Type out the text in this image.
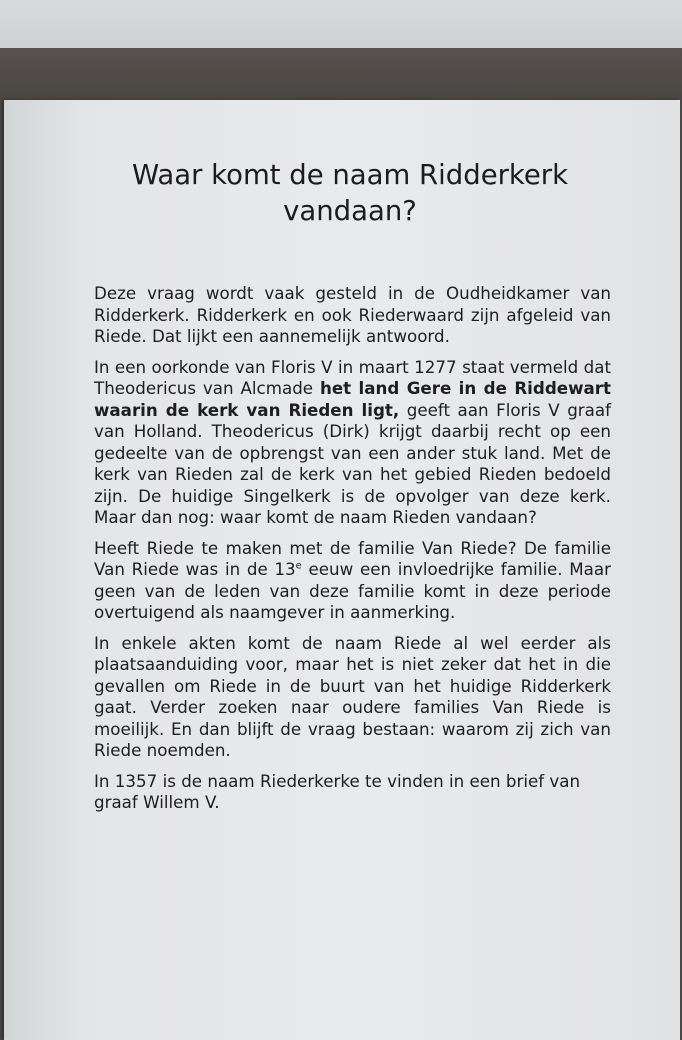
Waar komt de naam Ridderkerk
vandaan?

Deze vraag wordt vaak gesteld in de Oudheidkamer van Ridderkerk. Ridderkerk en ook Riederwaard zijn afgeleid van Riede. Dat lijkt een aannemelijk antwoord.

In een oorkonde van Floris V in maart 1277 staat vermeld dat Theodericus van Alcmade het land Gere in de Riddewart waarin de kerk van Rieden ligt, geeft aan Floris V graaf van Holland. Theodericus (Dirk) krijgt daarbij recht op een gedeelte van de opbrengst van een ander stuk land. Met de kerk van Rieden zal de kerk van het gebied Rieden bedoeld zijn. De huidige Singelkerk is de opvolger van deze kerk. Maar dan nog: waar komt de naam Rieden vandaan?

Heeft Riede te maken met de familie Van Riede? De familie Van Riede was in de 13e eeuw een invloedrijke familie. Maar geen van de leden van deze familie komt in deze periode overtuigend als naamgever in aanmerking.

In enkele akten komt de naam Riede al wel eerder als plaatsaanduiding voor, maar het is niet zeker dat het in die gevallen om Riede in de buurt van het huidige Ridderkerk gaat. Verder zoeken naar oudere families Van Riede is moeilijk. En dan blijft de vraag bestaan: waarom zij zich van Riede noemden.

In 1357 is de naam Riederkerke te vinden in een brief van
graaf Willem V.
